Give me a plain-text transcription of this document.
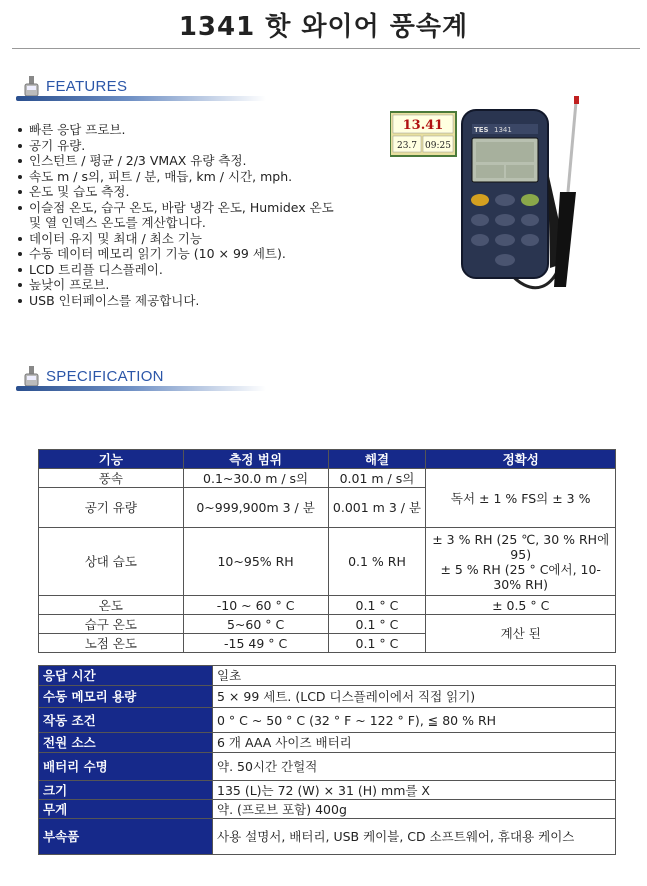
1341 핫 와이어 풍속계
FEATURES
빠른 응답 프로브.
공기 유량.
인스턴트 / 평균 / 2/3 VMAX 유량 측정.
속도 m / s의, 피트 / 분, 매듭, km / 시간, mph.
온도 및 습도 측정.
이슬점 온도, 습구 온도, 바람 냉각 온도, Humidex 온도 및 열 인덱스 온도를 계산합니다.
데이터 유지 및 최대 / 최소 기능
수동 데이터 메모리 읽기 기능 (10 × 99 세트).
LCD 트리플 디스플레이.
높낮이 프로브.
USB 인터페이스를 제공합니다.
13.41
23.7 09:25
TES 1341
SPECIFICATION
기능	측정 범위	해결	정확성
풍속	0.1~30.0 m / s의	0.01 m / s의	독서 ± 1 % FS의 ± 3 %
공기 유량	0~999,900m 3 / 분	0.001 m 3 / 분	
상대 습도	10~95% RH	0.1 % RH	± 3 % RH (25 ℃, 30 % RH에 95)
± 5 % RH (25 ° C에서, 10-30% RH)
온도	-10 ~ 60 ° C	0.1 ° C	± 0.5 ° C
습구 온도	5~60 ° C	0.1 ° C	계산 된
노점 온도	-15 49 ° C	0.1 ° C	
응답 시간	일초
수동 메모리 용량	5 × 99 세트. (LCD 디스플레이에서 직접 읽기)
작동 조건	0 ° C ~ 50 ° C (32 ° F ~ 122 ° F), ≦ 80 % RH
전원 소스	6 개 AAA 사이즈 배터리
배터리 수명	약. 50시간 간헐적
크기	135 (L)는 72 (W) × 31 (H) mm를 X
무게	약. (프로브 포함) 400g
부속품	사용 설명서, 배터리, USB 케이블, CD 소프트웨어, 휴대용 케이스
